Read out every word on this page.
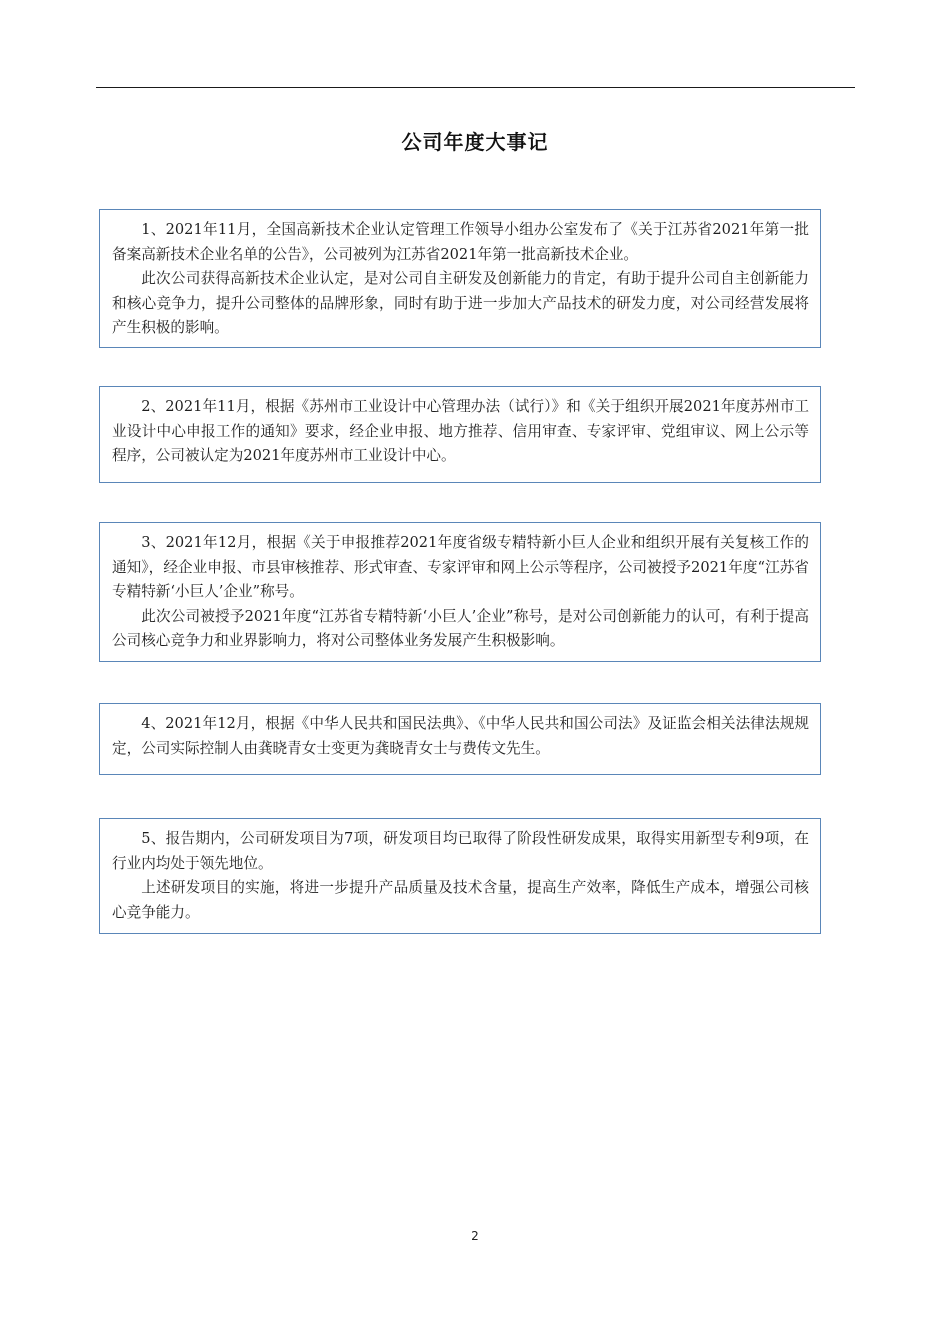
公司年度大事记

1、2021年11月，全国高新技术企业认定管理工作领导小组办公室发布了《关于江苏省2021年第一批备案高新技术企业名单的公告》，公司被列为江苏省2021年第一批高新技术企业。

此次公司获得高新技术企业认定，是对公司自主研发及创新能力的肯定，有助于提升公司自主创新能力和核心竞争力，提升公司整体的品牌形象，同时有助于进一步加大产品技术的研发力度，对公司经营发展将产生积极的影响。

2、2021年11月，根据《苏州市工业设计中心管理办法（试行）》和《关于组织开展2021年度苏州市工业设计中心申报工作的通知》要求，经企业申报、地方推荐、信用审查、专家评审、党组审议、网上公示等程序，公司被认定为2021年度苏州市工业设计中心。

3、2021年12月，根据《关于申报推荐2021年度省级专精特新小巨人企业和组织开展有关复核工作的通知》，经企业申报、市县审核推荐、形式审查、专家评审和网上公示等程序，公司被授予2021年度“江苏省专精特新‘小巨人’企业”称号。

此次公司被授予2021年度“江苏省专精特新‘小巨人’企业”称号，是对公司创新能力的认可，有利于提高公司核心竞争力和业界影响力，将对公司整体业务发展产生积极影响。

4、2021年12月，根据《中华人民共和国民法典》、《中华人民共和国公司法》及证监会相关法律法规规定，公司实际控制人由龚晓青女士变更为龚晓青女士与费传文先生。

5、报告期内，公司研发项目为7项，研发项目均已取得了阶段性研发成果，取得实用新型专利9项，在行业内均处于领先地位。

上述研发项目的实施，将进一步提升产品质量及技术含量，提高生产效率，降低生产成本，增强公司核心竞争能力。

2
